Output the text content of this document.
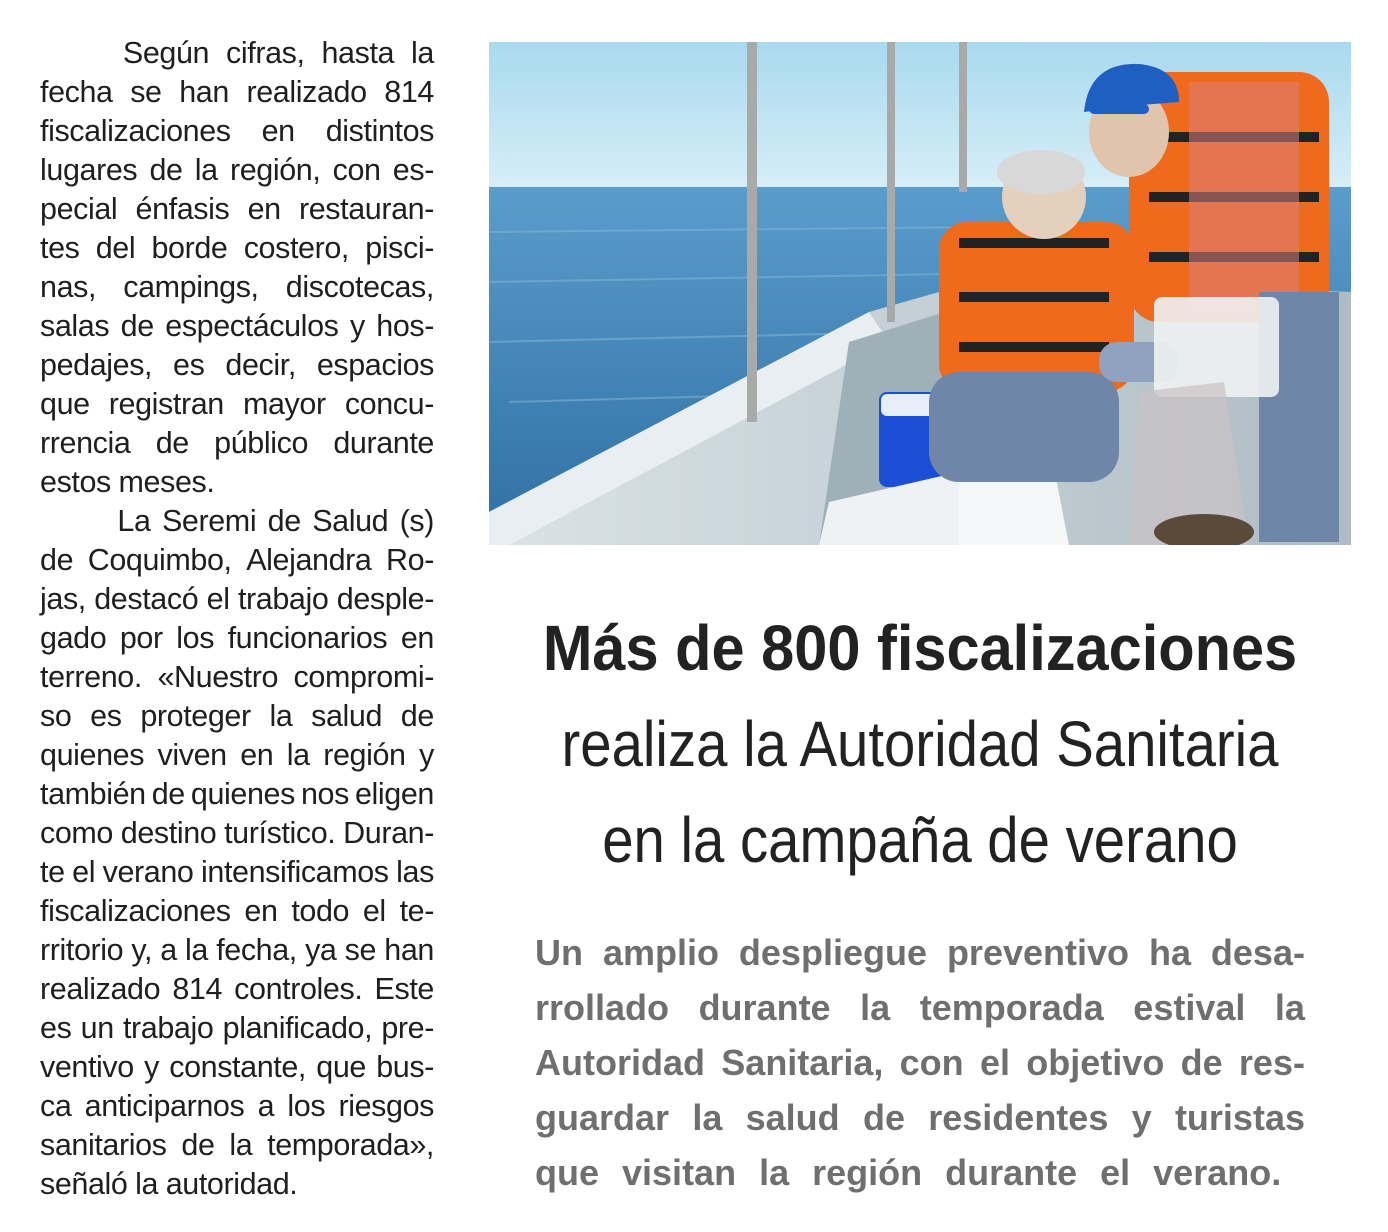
Según cifras, hasta la
fecha se han realizado 814
fiscalizaciones en distintos
lugares de la región, con es-
pecial énfasis en restauran-
tes del borde costero, pisci-
nas, campings, discotecas,
salas de espectáculos y hos-
pedajes, es decir, espacios
que registran mayor concu-
rrencia de público durante
estos meses.

La Seremi de Salud (s)
de Coquimbo, Alejandra Ro-
jas, destacó el trabajo desple-
gado por los funcionarios en
terreno. «Nuestro compromi-
so es proteger la salud de
quienes viven en la región y
también de quienes nos eligen
como destino turístico. Duran-
te el verano intensificamos las
fiscalizaciones en todo el te-
rritorio y, a la fecha, ya se han
realizado 814 controles. Este
es un trabajo planificado, pre-
ventivo y constante, que bus-
ca anticiparnos a los riesgos
sanitarios de la temporada»,
señaló la autoridad.
Más de 800 fiscalizaciones
realiza la Autoridad Sanitaria
en la campaña de verano
Un amplio despliegue preventivo ha desa-
rrollado durante la temporada estival la
Autoridad Sanitaria, con el objetivo de res-
guardar la salud de residentes y turistas
que visitan la región durante el verano.
